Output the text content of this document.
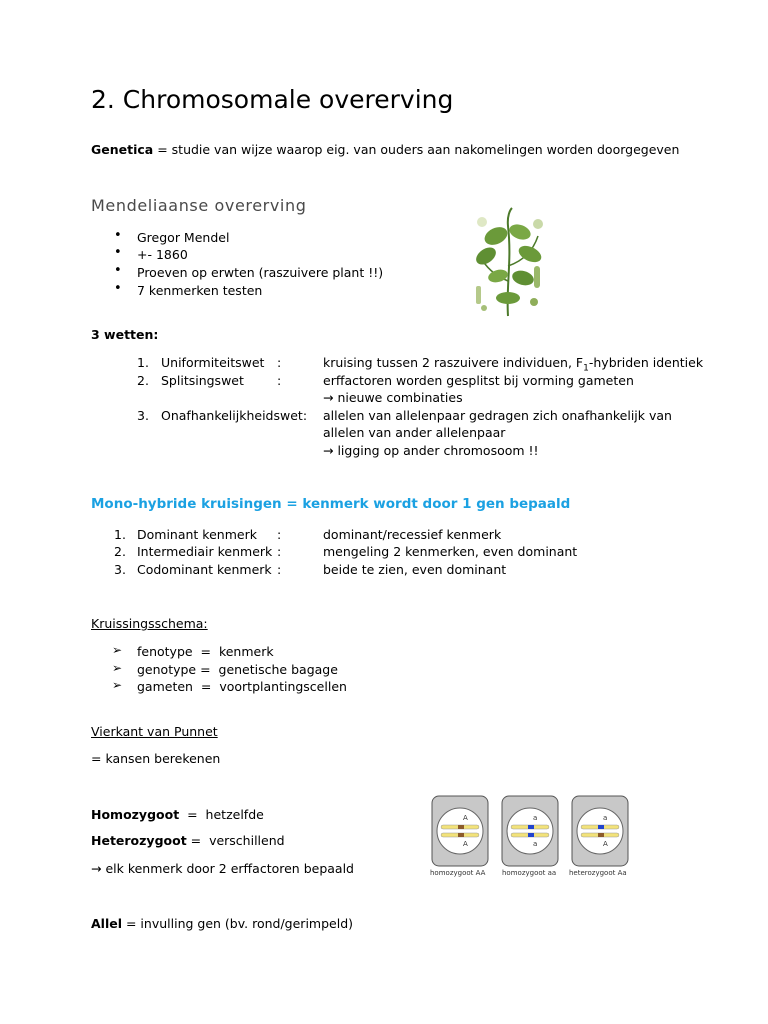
2. Chromosomale overerving
Genetica = studie van wijze waarop eig. van ouders aan nakomelingen worden doorgegeven
Mendeliaanse overerving
• Gregor Mendel
• +- 1860
• Proeven op erwten (raszuivere plant !!)
• 7 kenmerken testen
3 wetten:
1. Uniformiteitswet :	kruising tussen 2 raszuivere individuen, $F_1$-hybriden identiek
2. Splitsingswet	:	erffactoren worden gesplitst bij vorming gameten
→ nieuwe combinaties
3. Onafhankelijkheidswet: allelen van allelenpaar gedragen zich onafhankelijk van
allelen van ander allelenpaar
→ ligging op ander chromosoom !!
Mono-hybride kruisingen = kenmerk wordt door 1 gen bepaald
1. Dominant kenmerk :	dominant/recessief kenmerk
2. Intermediair kenmerk :	mengeling 2 kenmerken, even dominant
3. Codominant kenmerk :	beide te zien, even dominant
Kruissingsschema:
➢ fenotype  =  kenmerk
➢ genotype =  genetische bagage
➢ gameten  =  voortplantingscellen
Vierkant van Punnet
= kansen berekenen
Homozygoot  =  hetzelfde
Heterozygoot =  verschillend
→ elk kenmerk door 2 erffactoren bepaald
Allel = invulling gen (bv. rond/gerimpeld)
A
A
a
a
a
A
homozygoot AA homozygoot aa heterozygoot Aa
